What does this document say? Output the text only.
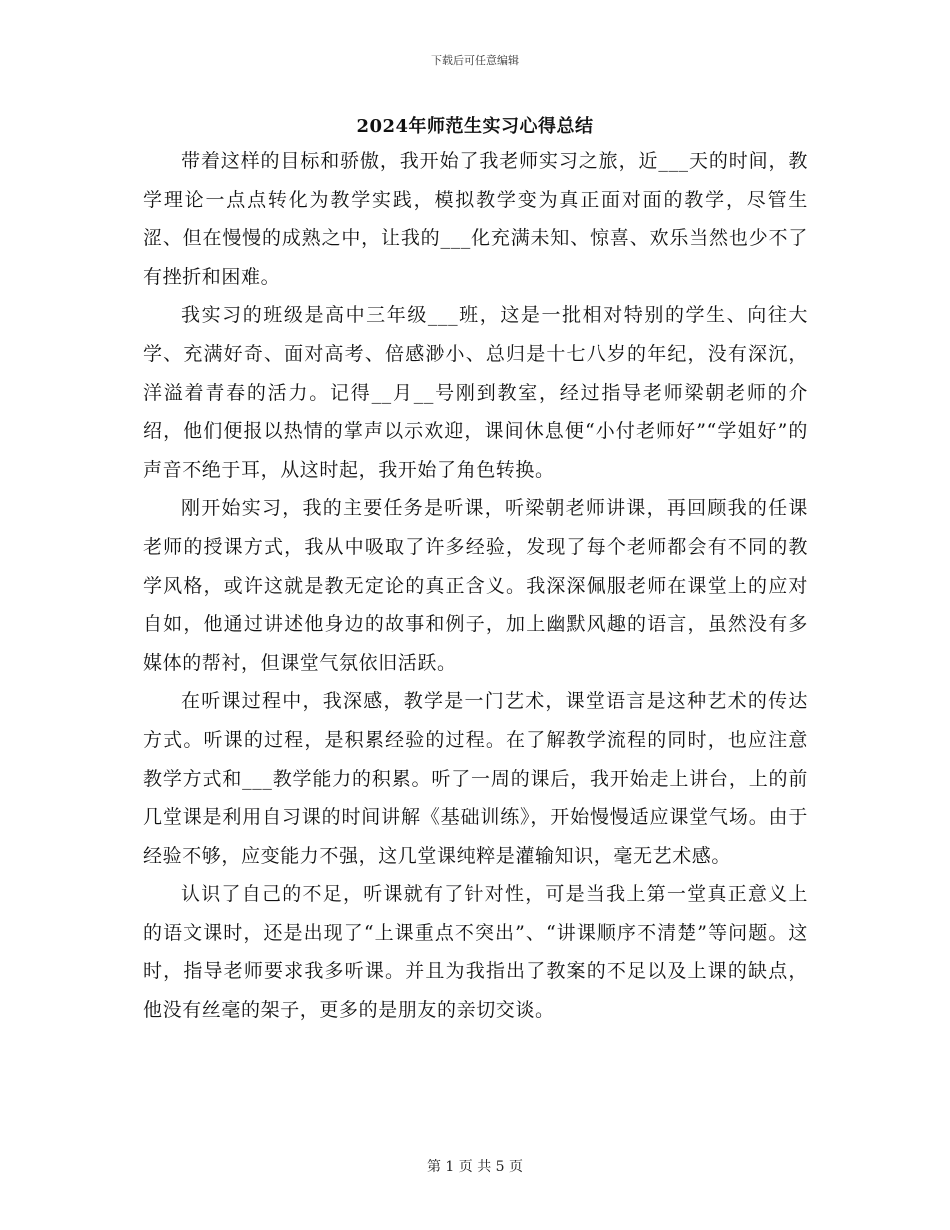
下载后可任意编辑
2024年师范生实习心得总结

带着这样的目标和骄傲，我开始了我老师实习之旅，近___天的时间，教学理论一点点转化为教学实践，模拟教学变为真正面对面的教学，尽管生涩、但在慢慢的成熟之中，让我的___化充满未知、惊喜、欢乐当然也少不了有挫折和困难。

我实习的班级是高中三年级___班，这是一批相对特别的学生、向往大学、充满好奇、面对高考、倍感渺小、总归是十七八岁的年纪，没有深沉，洋溢着青春的活力。记得__月__号刚到教室，经过指导老师梁朝老师的介绍，他们便报以热情的掌声以示欢迎，课间休息便“小付老师好”“学姐好”的声音不绝于耳，从这时起，我开始了角色转换。

刚开始实习，我的主要任务是听课，听梁朝老师讲课，再回顾我的任课老师的授课方式，我从中吸取了许多经验，发现了每个老师都会有不同的教学风格，或许这就是教无定论的真正含义。我深深佩服老师在课堂上的应对自如，他通过讲述他身边的故事和例子，加上幽默风趣的语言，虽然没有多媒体的帮衬，但课堂气氛依旧活跃。

在听课过程中，我深感，教学是一门艺术，课堂语言是这种艺术的传达方式。听课的过程，是积累经验的过程。在了解教学流程的同时，也应注意教学方式和___教学能力的积累。听了一周的课后，我开始走上讲台，上的前几堂课是利用自习课的时间讲解《基础训练》，开始慢慢适应课堂气场。由于经验不够，应变能力不强，这几堂课纯粹是灌输知识，毫无艺术感。

认识了自己的不足，听课就有了针对性，可是当我上第一堂真正意义上的语文课时，还是出现了“上课重点不突出”、“讲课顺序不清楚”等问题。这时，指导老师要求我多听课。并且为我指出了教案的不足以及上课的缺点，他没有丝毫的架子，更多的是朋友的亲切交谈。

第 1 页 共 5 页
